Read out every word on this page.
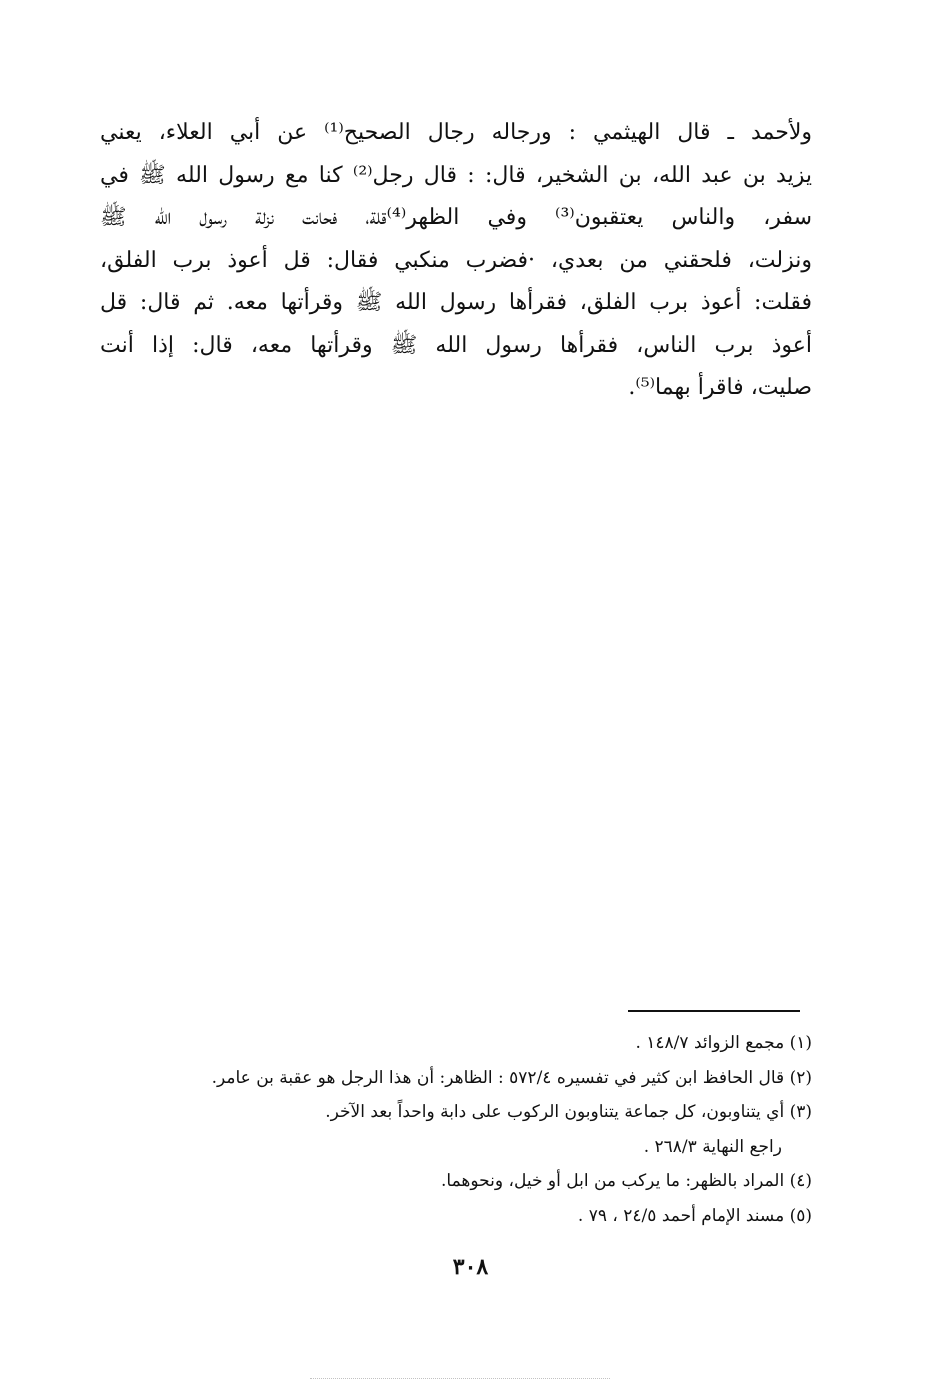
ولأحمد ـ قال الهيثمي : ورجاله رجال الصحيح⁽¹⁾ عن أبي العلاء، يعني
يزيد بن عبد الله، بن الشخير، قال: : قال رجل⁽²⁾ كنا مع رسول الله ﷺ في
سفر، والناس يعتقبون⁽³⁾ وفي الظهر⁽⁴⁾قلة، فحانت نزلة رسول الله ﷺ
ونزلت، فلحقني من بعدي، ·فضرب منكبي فقال: قل أعوذ برب الفلق،
فقلت: أعوذ برب الفلق، فقرأها رسول الله ﷺ وقرأتها معه. ثم قال: قل
أعوذ برب الناس، فقرأها رسول الله ﷺ وقرأتها معه، قال: إذا أنت
صليت، فاقرأ بهما⁽⁵⁾.

(١) مجمع الزوائد ١٤٨/٧ .
(٢) قال الحافظ ابن كثير في تفسيره ٥٧٢/٤ : الظاهر: أن هذا الرجل هو عقبة بن عامر.
(٣) أي يتناوبون، كل جماعة يتناوبون الركوب على دابة واحداً بعد الآخر.
راجع النهاية ٢٦٨/٣ .
(٤) المراد بالظهر: ما يركب من ابل أو خيل، ونحوهما.
(٥) مسند الإمام أحمد ٢٤/٥ ، ٧٩ .
٣٠٨
